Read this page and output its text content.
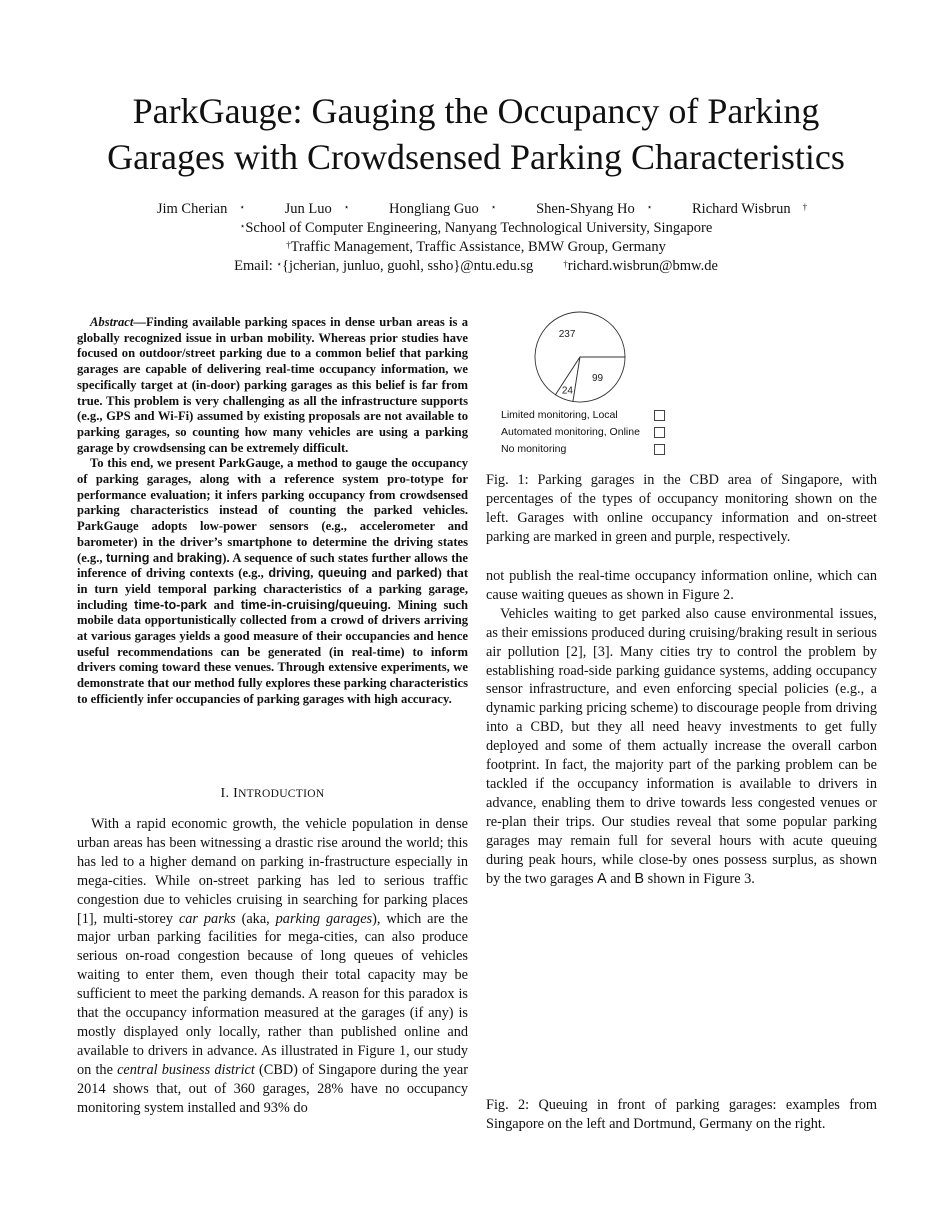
ParkGauge: Gauging the Occupancy of Parking
Garages with Crowdsensed Parking Characteristics
Jim Cherian ⋆	Jun Luo ⋆	Hongliang Guo ⋆	Shen-Shyang Ho ⋆	Richard Wisbrun †
⋆School of Computer Engineering, Nanyang Technological University, Singapore
†Traffic Management, Traffic Assistance, BMW Group, Germany
Email: ⋆{jcherian, junluo, guohl, ssho}@ntu.edu.sg	†richard.wisbrun@bmw.de

Abstract—Finding available parking spaces in dense urban areas is a globally recognized issue in urban mobility. Whereas prior studies have focused on outdoor/street parking due to a common belief that parking garages are capable of delivering real-time occupancy information, we specifically target at (in-door) parking garages as this belief is far from true. This problem is very challenging as all the infrastructure supports (e.g., GPS and Wi-Fi) assumed by existing proposals are not available to parking garages, so counting how many vehicles are using a parking garage by crowdsensing can be extremely difficult.

To this end, we present ParkGauge, a method to gauge the occupancy of parking garages, along with a reference system pro-totype for performance evaluation; it infers parking occupancy from crowdsensed parking characteristics instead of counting the parked vehicles. ParkGauge adopts low-power sensors (e.g., accelerometer and barometer) in the driver’s smartphone to determine the driving states (e.g., turning and braking). A sequence of such states further allows the inference of driving contexts (e.g., driving, queuing and parked) that in turn yield temporal parking characteristics of a parking garage, including time-to-park and time-in-cruising/queuing. Mining such mobile data opportunistically collected from a crowd of drivers arriving at various garages yields a good measure of their occupancies and hence useful recommendations can be generated (in real-time) to inform drivers coming toward these venues. Through extensive experiments, we demonstrate that our method fully explores these parking characteristics to efficiently infer occupancies of parking garages with high accuracy.

I. INTRODUCTION

With a rapid economic growth, the vehicle population in dense urban areas has been witnessing a drastic rise around the world; this has led to a higher demand on parking in-frastructure especially in mega-cities. While on-street parking has led to serious traffic congestion due to vehicles cruising in searching for parking places [1], multi-storey car parks (aka, parking garages), which are the major urban parking facilities for mega-cities, can also produce serious on-road congestion because of long queues of vehicles waiting to enter them, even though their total capacity may be sufficient to meet the parking demands. A reason for this paradox is that the occupancy information measured at the garages (if any) is mostly displayed only locally, rather than published online and available to drivers in advance. As illustrated in Figure 1, our study on the central business district (CBD) of Singapore during the year 2014 shows that, out of 360 garages, 28% have no occupancy monitoring system installed and 93% do

237
24
99
Limited monitoring, Local
Automated monitoring, Online
No monitoring
Fig. 1: Parking garages in the CBD area of Singapore, with percentages of the types of occupancy monitoring shown on the left. Garages with online occupancy information and on-street parking are marked in green and purple, respectively.

not publish the real-time occupancy information online, which can cause waiting queues as shown in Figure 2.

Vehicles waiting to get parked also cause environmental issues, as their emissions produced during cruising/braking result in serious air pollution [2], [3]. Many cities try to control the problem by establishing road-side parking guidance systems, adding occupancy sensor infrastructure, and even enforcing special policies (e.g., a dynamic parking pricing scheme) to discourage people from driving into a CBD, but they all need heavy investments to get fully deployed and some of them actually increase the overall carbon footprint. In fact, the majority part of the parking problem can be tackled if the occupancy information is available to drivers in advance, enabling them to drive towards less congested venues or re-plan their trips. Our studies reveal that some popular parking garages may remain full for several hours with acute queuing during peak hours, while close-by ones possess surplus, as shown by the two garages A and B shown in Figure 3.

Fig. 2: Queuing in front of parking garages: examples from Singapore on the left and Dortmund, Germany on the right.
